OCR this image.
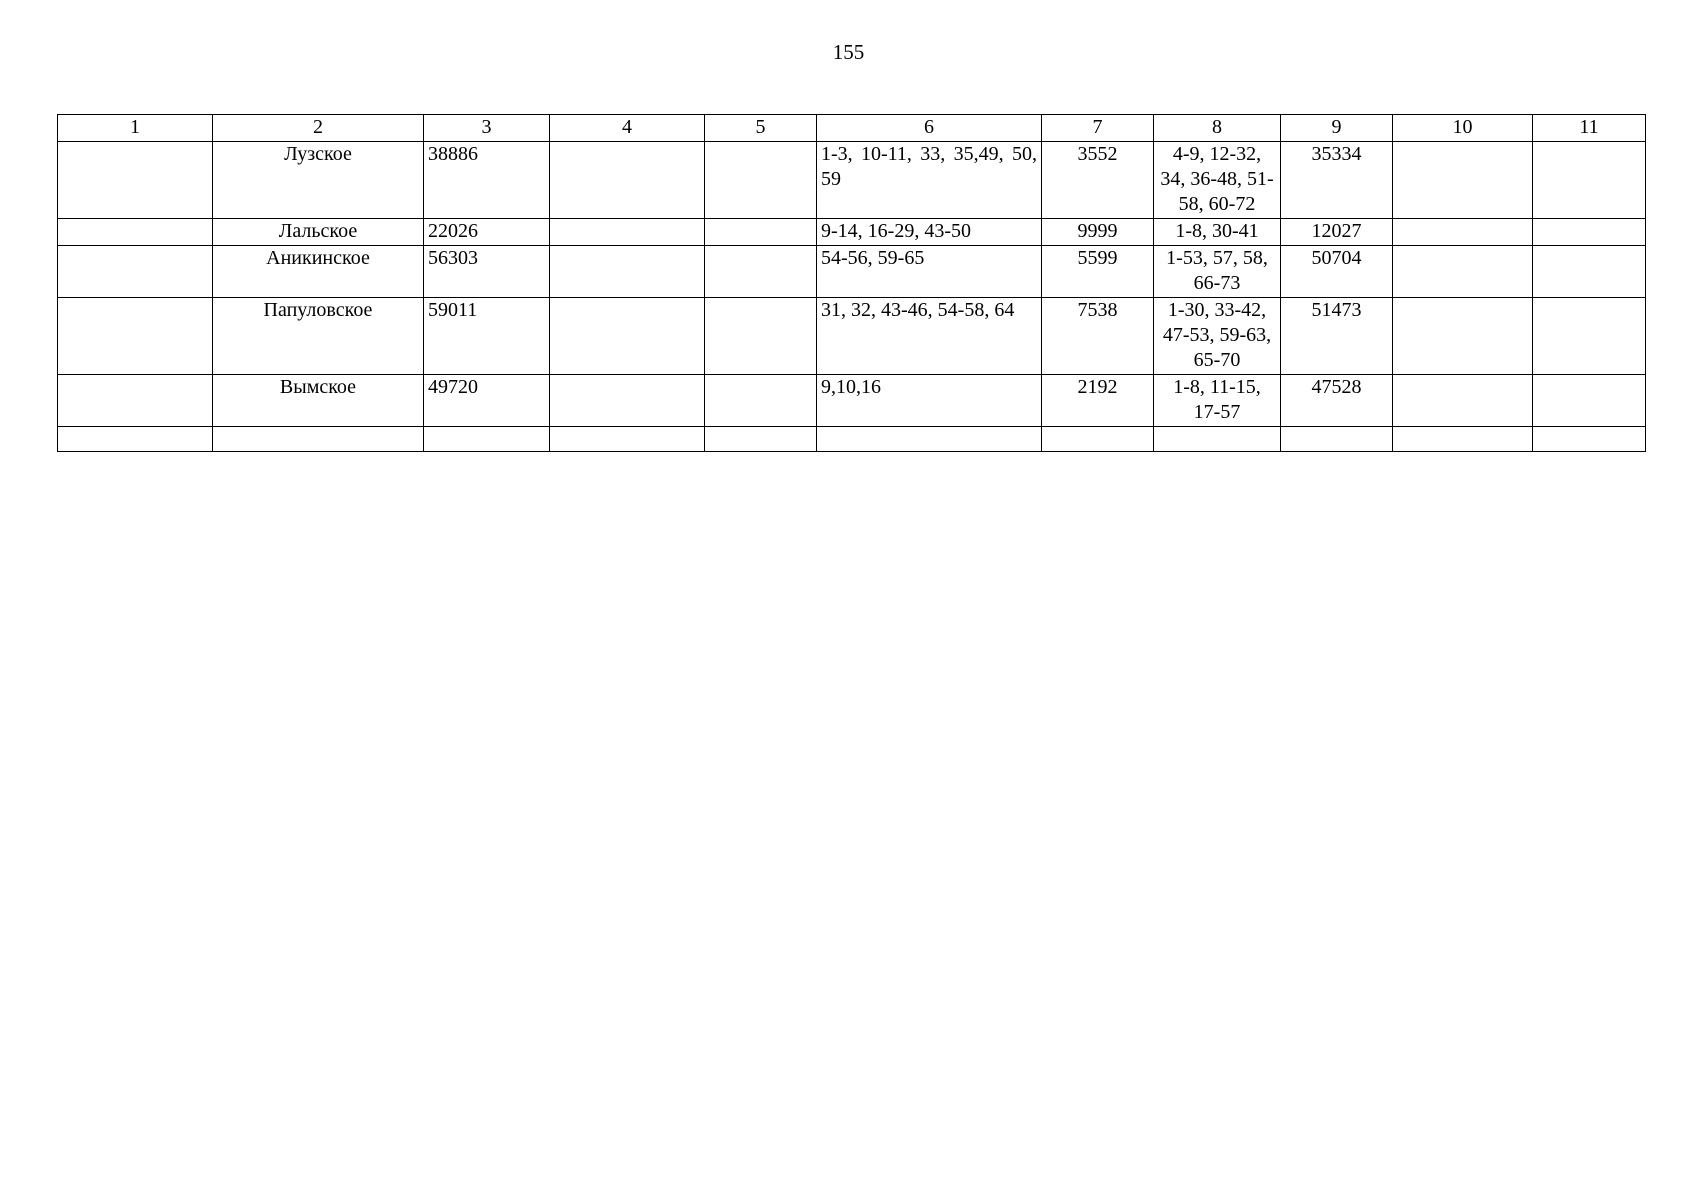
155
1	2	3	4	5	6	7	8	9	10	11
	Лузское	38886			1-3, 10-11, 33, 35,49, 50, 59	3552	4-9, 12-32, 34, 36-48, 51-58, 60-72	35334		
	Лальское	22026			9-14, 16-29, 43-50	9999	1-8, 30-41	12027		
	Аникинское	56303			54-56, 59-65	5599	1-53, 57, 58, 66-73	50704		
	Папуловское	59011			31, 32, 43-46, 54-58, 64	7538	1-30, 33-42, 47-53, 59-63, 65-70	51473		
	Вымское	49720			9,10,16	2192	1-8, 11-15, 17-57	47528		
